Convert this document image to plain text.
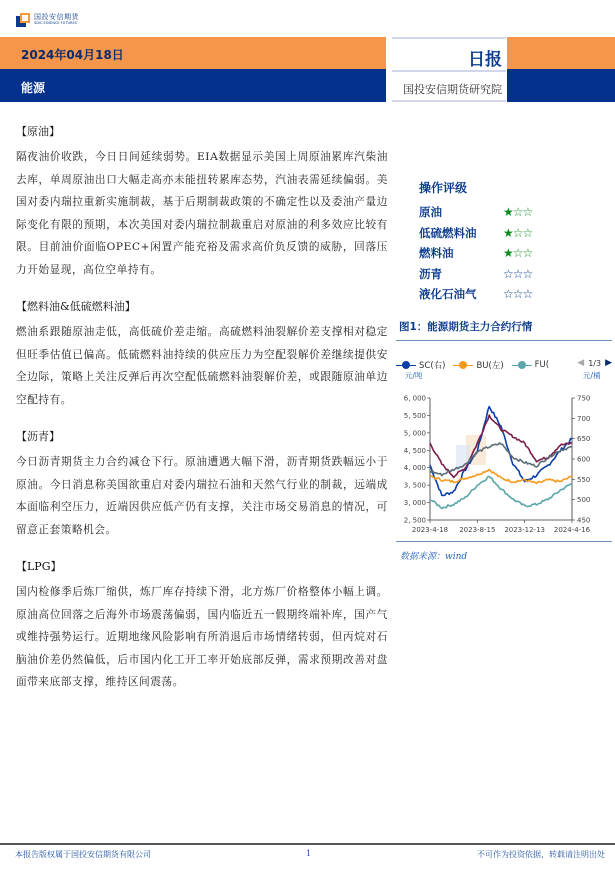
国投安信期货
SDIC ESSENCE FUTURES
2024年04月18日
能源
日报
国投安信期货研究院
【原油】

隔夜油价收跌，今日日间延续弱势。EIA数据显示美国上周原油累库汽柴油去库，单周原油出口大幅走高亦未能扭转累库态势，汽油表需延续偏弱。美国对委内瑞拉重新实施制裁，基于后期制裁政策的不确定性以及委油产量边际变化有限的预期，本次美国对委内瑞拉制裁重启对原油的利多效应比较有限。目前油价面临OPEC+闲置产能充裕及需求高价负反馈的威胁，回落压力开始显现，高位空单持有。

【燃料油&低硫燃料油】

燃油系跟随原油走低，高低硫价差走缩。高硫燃料油裂解价差支撑相对稳定但旺季估值已偏高。低硫燃料油持续的供应压力为空配裂解价差继续提供安全边际，策略上关注反弹后再次空配低硫燃料油裂解价差，或跟随原油单边空配持有。

【沥青】

今日沥青期货主力合约减仓下行。原油遭遇大幅下滑，沥青期货跌幅远小于原油。今日消息称美国欲重启对委内瑞拉石油和天然气行业的制裁，远端成本面临利空压力，近端因供应低产仍有支撑，关注市场交易消息的情况，可留意正套策略机会。

【LPG】

国内检修季后炼厂缩供，炼厂库存持续下滑，北方炼厂价格整体小幅上调。原油高位回落之后海外市场震荡偏弱，国内临近五一假期终端补库，国产气或维持强势运行。近期地缘风险影响有所消退后市场情绪转弱，但丙烷对石脑油价差仍然偏低，后市国内化工开工率开始底部反弹，需求预期改善对盘面带来底部支撑，维持区间震荡。

操作评级
原油	★☆☆
低硫燃料油	★☆☆
燃料油	★☆☆
沥青	☆☆☆
液化石油气	☆☆☆
图1：能源期货主力合约行情
SC(右)	BU(左)	FU(	◀ 1/3 ▶
元/吨	元/桶
2, 500
3, 000
3, 500
4, 000
4, 500
5, 000
5, 500
6, 000
450
500
550
600
650
700
750
2023-4-18 2023-8-15 2023-12-13 2024-4-16
数据来源：wind
本报告版权属于国投安信期货有限公司	1	不可作为投资依据，转载请注明出处
